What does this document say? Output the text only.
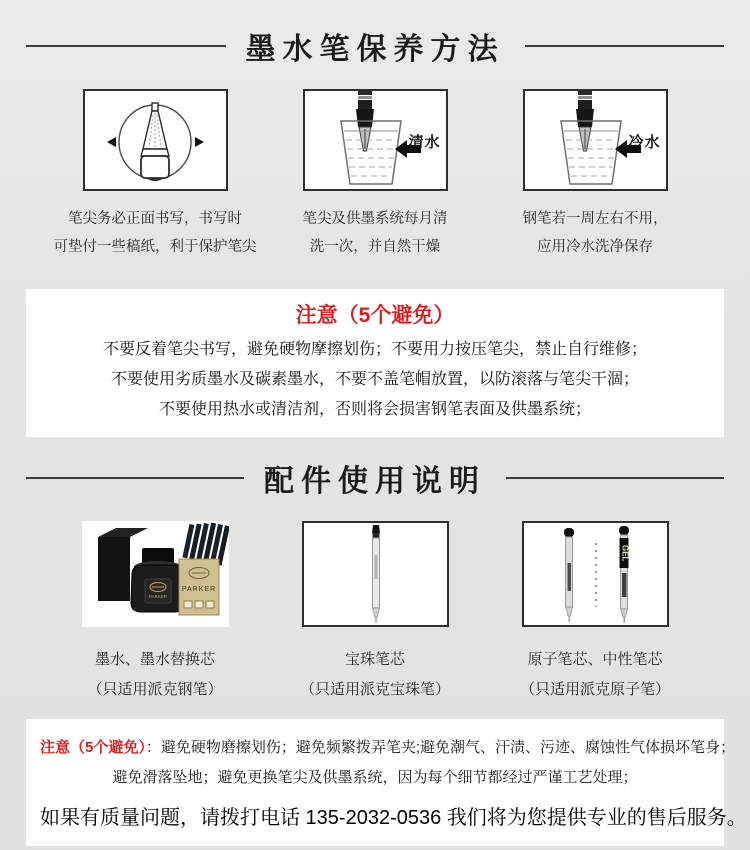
墨水笔保养方法
笔尖务必正面书写，书写时
可垫付一些稿纸，利于保护笔尖
清水
笔尖及供墨系统每月清
洗一次，并自然干燥
冷水
钢笔若一周左右不用，
应用冷水洗净保存
注意（5个避免）
不要反着笔尖书写，避免硬物摩擦划伤；不要用力按压笔尖，禁止自行维修；
不要使用劣质墨水及碳素墨水，不要不盖笔帽放置，以防滚落与笔尖干涸；
不要使用热水或清洁剂，否则将会损害钢笔表面及供墨系统；
配件使用说明
PARKER
PARKER
墨水、墨水替换芯
（只适用派克钢笔）
宝珠笔芯
（只适用派克宝珠笔）
GEL
原子笔芯、中性笔芯
（只适用派克原子笔）
注意（5个避免）：避免硬物磨擦划伤；避免频繁拨弄笔夹;避免潮气、汗渍、污迹、腐蚀性气体损坏笔身；
避免滑落坠地；避免更换笔尖及供墨系统，因为每个细节都经过严谨工艺处理；
如果有质量问题，请拨打电话 135-2032-0536 我们将为您提供专业的售后服务。
